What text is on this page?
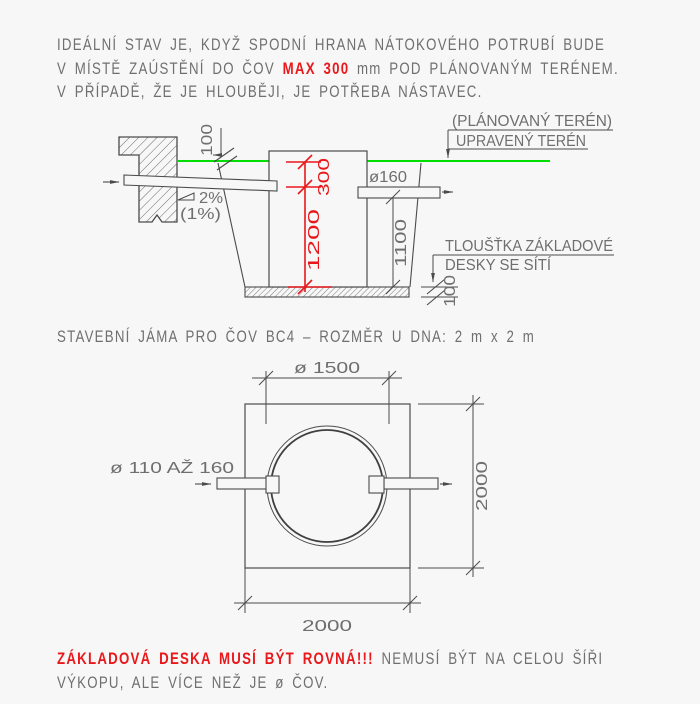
ø160
2%
(1%)
100
300
1200	1100
(PLÁNOVANÝ TERÉN)
UPRAVENÝ TERÉN
TLOUŠŤKA ZÁKLADOVÉ
DESKY SE SÍTÍ
100
ø 1500
2000
2000
ø 110 AŽ 160
IDEÁLNÍ STAV JE, KDYŽ SPODNÍ HRANA NÁTOKOVÉHO POTRUBÍ BUDE
V MÍSTĚ ZAÚSTĚNÍ DO ČOV MAX 300 mm POD PLÁNOVANÝM TERÉNEM.
V PŘÍPADĚ, ŽE JE HLOUBĚJI, JE POTŘEBA NÁSTAVEC.
STAVEBNÍ JÁMA PRO ČOV BC4 – ROZMĚR U DNA: 2 m x 2 m
ZÁKLADOVÁ DESKA MUSÍ BÝT ROVNÁ!!! NEMUSÍ BÝT NA CELOU ŠÍŘI
VÝKOPU, ALE VÍCE NEŽ JE ø ČOV.
